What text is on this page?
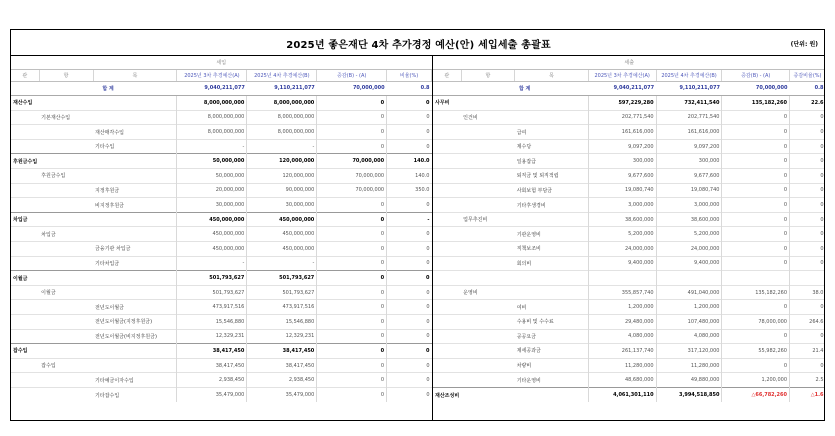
2025년 좋은재단 4차 추가경정 예산(안) 세입세출 총괄표	(단위: 원)
세입						
관	항	목	2025년 3차 추경예산(A)	2025년 4차 추경예산(B)	증감(B) - (A)	비율(%)
	합 계		9,040,211,077	9,110,211,077	70,000,000	0.8
재산수입			8,000,000,000	8,000,000,000	0	0
	기본재산수입		8,000,000,000	8,000,000,000	0	0
		재산매각수입	8,000,000,000	8,000,000,000	0	0
		기타수입	-	-	0	0
후원금수입			50,000,000	120,000,000	70,000,000	140.0
	후원금수입		50,000,000	120,000,000	70,000,000	140.0
		지정후원금	20,000,000	90,000,000	70,000,000	350.0
		비지정후원금	30,000,000	30,000,000	0	0
차입금			450,000,000	450,000,000	0	-
	차입금		450,000,000	450,000,000	0	0
		금융기관 차입금	450,000,000	450,000,000	0	0
		기타차입금	-	-	0	0
이월금			501,793,627	501,793,627	0	0
	이월금		501,793,627	501,793,627	0	0
		전년도이월금	473,917,516	473,917,516	0	0
		전년도이월금(지정후원금)	15,546,880	15,546,880	0	0
		전년도이월금(비지정후원금)	12,329,231	12,329,231	0	0
잡수입			38,417,450	38,417,450	0	0
	잡수입		38,417,450	38,417,450	0	0
		기타예금이자수입	2,938,450	2,938,450	0	0
		기타잡수입	35,479,000	35,479,000	0	0
세출						
관	항	목	2025년 3차 추경예산(A)	2025년 4차 추경예산(B)	증감(B) - (A)	증감비율(%)
	합 계		9,040,211,077	9,110,211,077	70,000,000	0.8
사무비			597,229,280	732,411,540	135,182,260	22.6
	인건비		202,771,540	202,771,540	0	0
		급여	161,616,000	161,616,000	0	0
		제수당	9,097,200	9,097,200	0	0
		일용잡급	300,000	300,000	0	0
		퇴직금 및 퇴직적립	9,677,600	9,677,600	0	0
		사회보험 부담금	19,080,740	19,080,740	0	0
		기타후생경비	3,000,000	3,000,000	0	0
	업무추진비		38,600,000	38,600,000	0	0
		기관운영비	5,200,000	5,200,000	0	0
		직책보조비	24,000,000	24,000,000	0	0
		회의비	9,400,000	9,400,000	0	0

	운영비		355,857,740	491,040,000	135,182,260	38.0
		여비	1,200,000	1,200,000	0	0
		수용비 및 수수료	29,480,000	107,480,000	78,000,000	264.6
		공공요금	4,080,000	4,080,000	0	0
		제세공과금	261,137,740	317,120,000	55,982,260	21.4
		차량비	11,280,000	11,280,000	0	0
		기타운영비	48,680,000	49,880,000	1,200,000	2.5
재산조성비			4,061,301,110	3,994,518,850	△66,782,260	△1.6
